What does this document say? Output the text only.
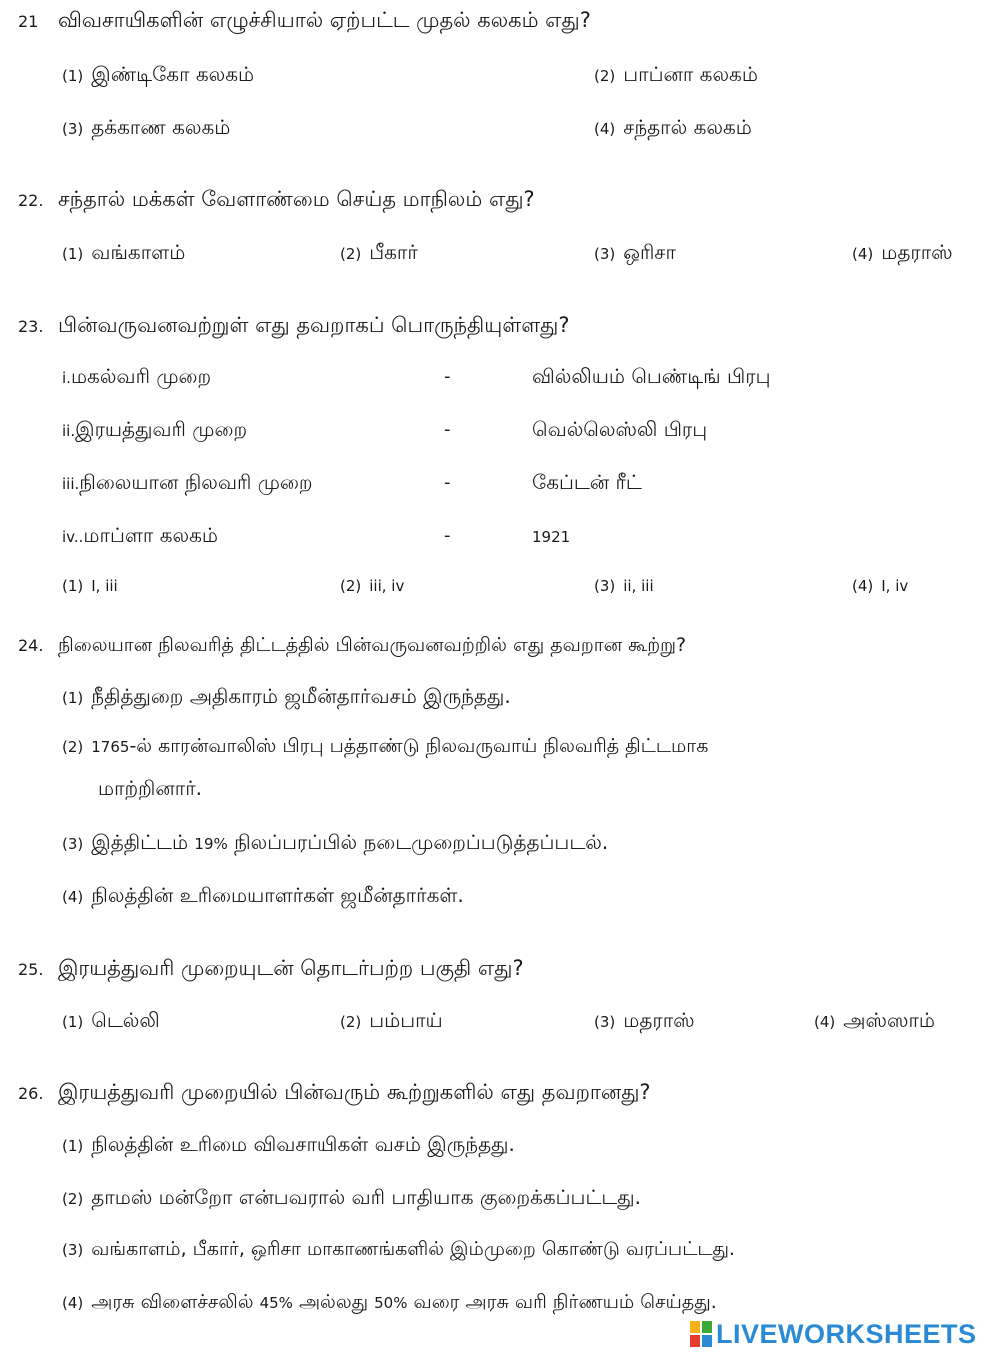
21 விவசாயிகளின் எழுச்சியால் ஏற்பட்ட முதல் கலகம் எது?
(1) இண்டிகோ கலகம்	(2) பாப்னா கலகம்
(3) தக்காண கலகம்	(4) சந்தால் கலகம்
22. சந்தால் மக்கள் வேளாண்மை செய்த மாநிலம் எது?
(1) வங்காளம்	(2) பீகார்	(3) ஒரிசா	(4) மதராஸ்
23. பின்வருவனவற்றுள் எது தவறாகப் பொருந்தியுள்ளது?
i.மகல்வரி முறை	-	வில்லியம் பெண்டிங் பிரபு
ii.இரயத்துவரி முறை	-	வெல்லெஸ்லி பிரபு
iii.நிலையான நிலவரி முறை	-	கேப்டன் ரீட்
iv..மாப்ளா கலகம்	-	1921
(1) I, iii	(2) iii, iv	(3) ii, iii	(4) I, iv
24. நிலையான நிலவரித் திட்டத்தில் பின்வருவனவற்றில் எது தவறான கூற்று?
(1) நீதித்துறை அதிகாரம் ஜமீன்தார்வசம் இருந்தது.
(2) 1765-ல் காரன்வாலிஸ் பிரபு பத்தாண்டு நிலவருவாய் நிலவரித் திட்டமாக
மாற்றினார்.
(3) இத்திட்டம் 19% நிலப்பரப்பில் நடைமுறைப்படுத்தப்படல்.
(4) நிலத்தின் உரிமையாளர்கள் ஜமீன்தார்கள்.
25. இரயத்துவரி முறையுடன் தொடர்பற்ற பகுதி எது?
(1) டெல்லி	(2) பம்பாய்	(3) மதராஸ்	(4) அஸ்ஸாம்
26. இரயத்துவரி முறையில் பின்வரும் கூற்றுகளில் எது தவறானது?
(1) நிலத்தின் உரிமை விவசாயிகள் வசம் இருந்தது.
(2) தாமஸ் மன்றோ என்பவரால் வரி பாதியாக குறைக்கப்பட்டது.
(3) வங்காளம், பீகார், ஒரிசா மாகாணங்களில் இம்முறை கொண்டு வரப்பட்டது.
(4) அரசு விளைச்சலில் 45% அல்லது 50% வரை அரசு வரி நிர்ணயம் செய்தது.
LIVEWORKSHEETS
